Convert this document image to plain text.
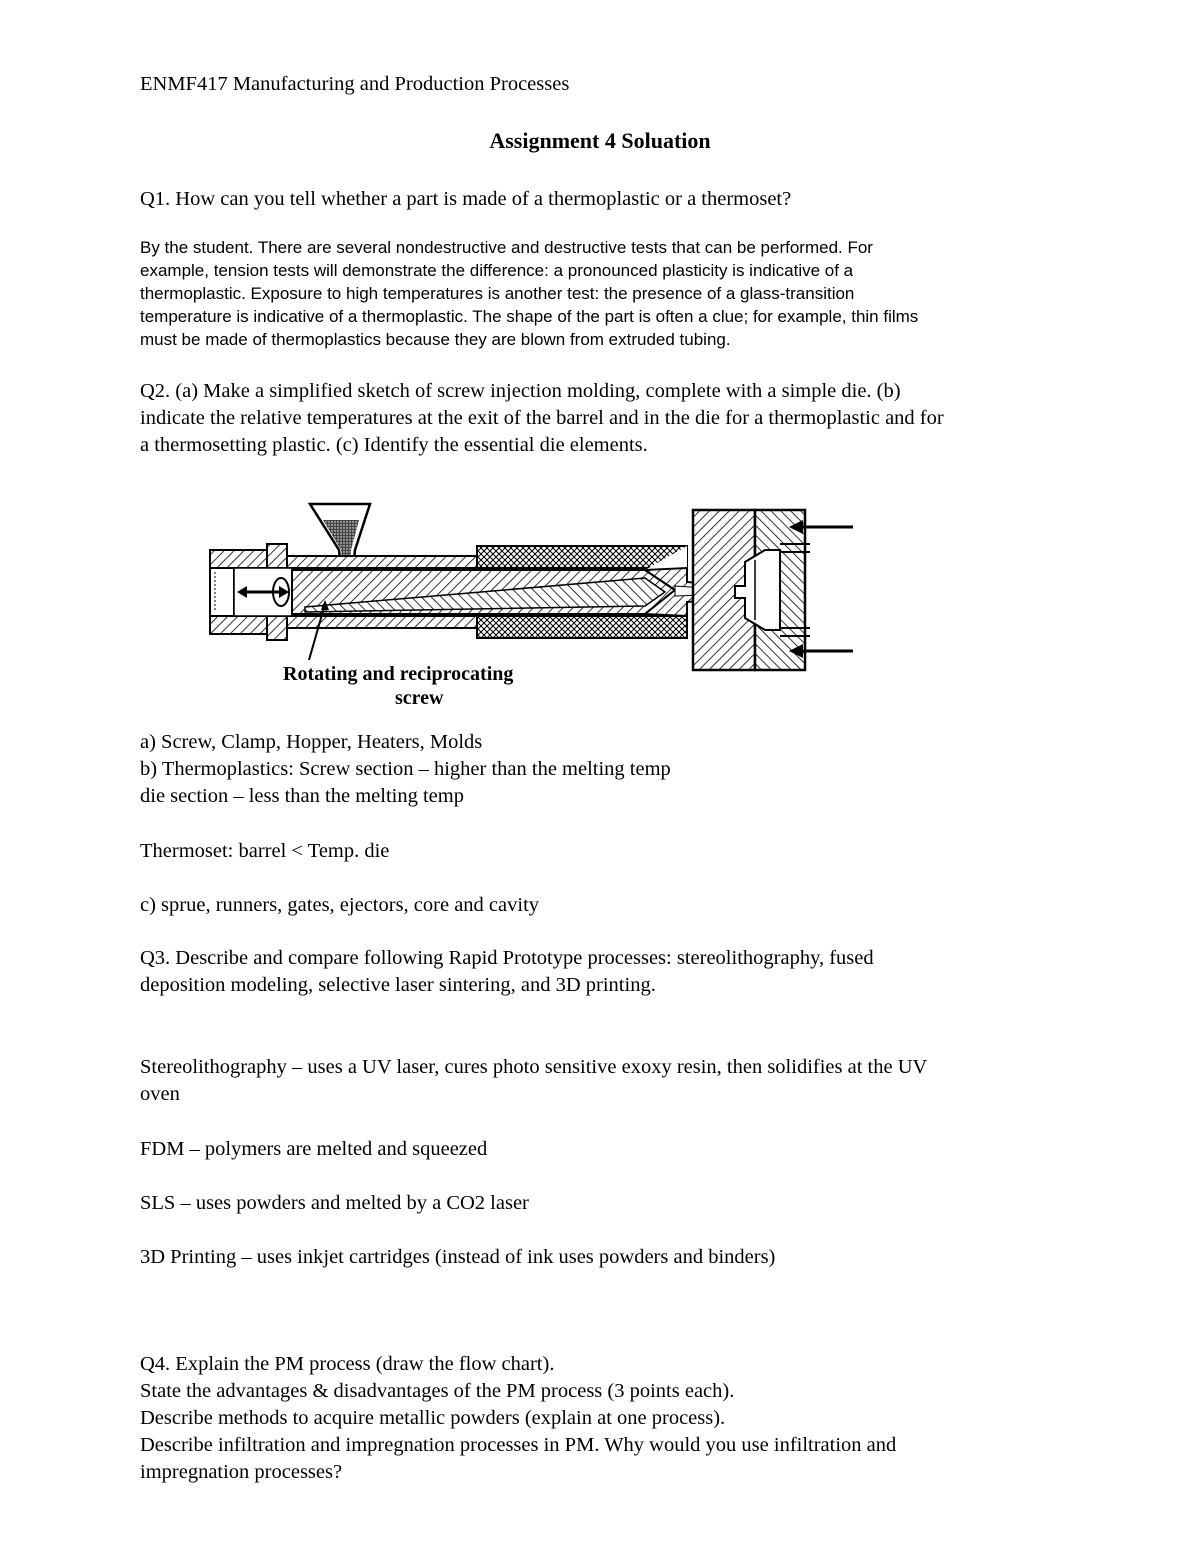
ENMF417 Manufacturing and Production Processes
Assignment 4 Soluation
Q1. How can you tell whether a part is made of a thermoplastic or a thermoset?
By the student. There are several nondestructive and destructive tests that can be performed. For
example, tension tests will demonstrate the difference: a pronounced plasticity is indicative of a
thermoplastic. Exposure to high temperatures is another test: the presence of a glass-transition
temperature is indicative of a thermoplastic. The shape of the part is often a clue; for example, thin films
must be made of thermoplastics because they are blown from extruded tubing.
Q2. (a) Make a simplified sketch of screw injection molding, complete with a simple die. (b)
indicate the relative temperatures at the exit of the barrel and in the die for a thermoplastic and for
a thermosetting plastic. (c) Identify the essential die elements.
Rotating and reciprocating
screw
a) Screw, Clamp, Hopper, Heaters, Molds
b) Thermoplastics: Screw section – higher than the melting temp
die section – less than the melting temp
Thermoset: barrel < Temp. die
c) sprue, runners, gates, ejectors, core and cavity
Q3. Describe and compare following Rapid Prototype processes: stereolithography, fused
deposition modeling, selective laser sintering, and 3D printing.
Stereolithography – uses a UV laser, cures photo sensitive exoxy resin, then solidifies at the UV
oven
FDM – polymers are melted and squeezed
SLS – uses powders and melted by a CO2 laser
3D Printing – uses inkjet cartridges (instead of ink uses powders and binders)
Q4. Explain the PM process (draw the flow chart).
State the advantages & disadvantages of the PM process (3 points each).
Describe methods to acquire metallic powders (explain at one process).
Describe infiltration and impregnation processes in PM. Why would you use infiltration and
impregnation processes?
